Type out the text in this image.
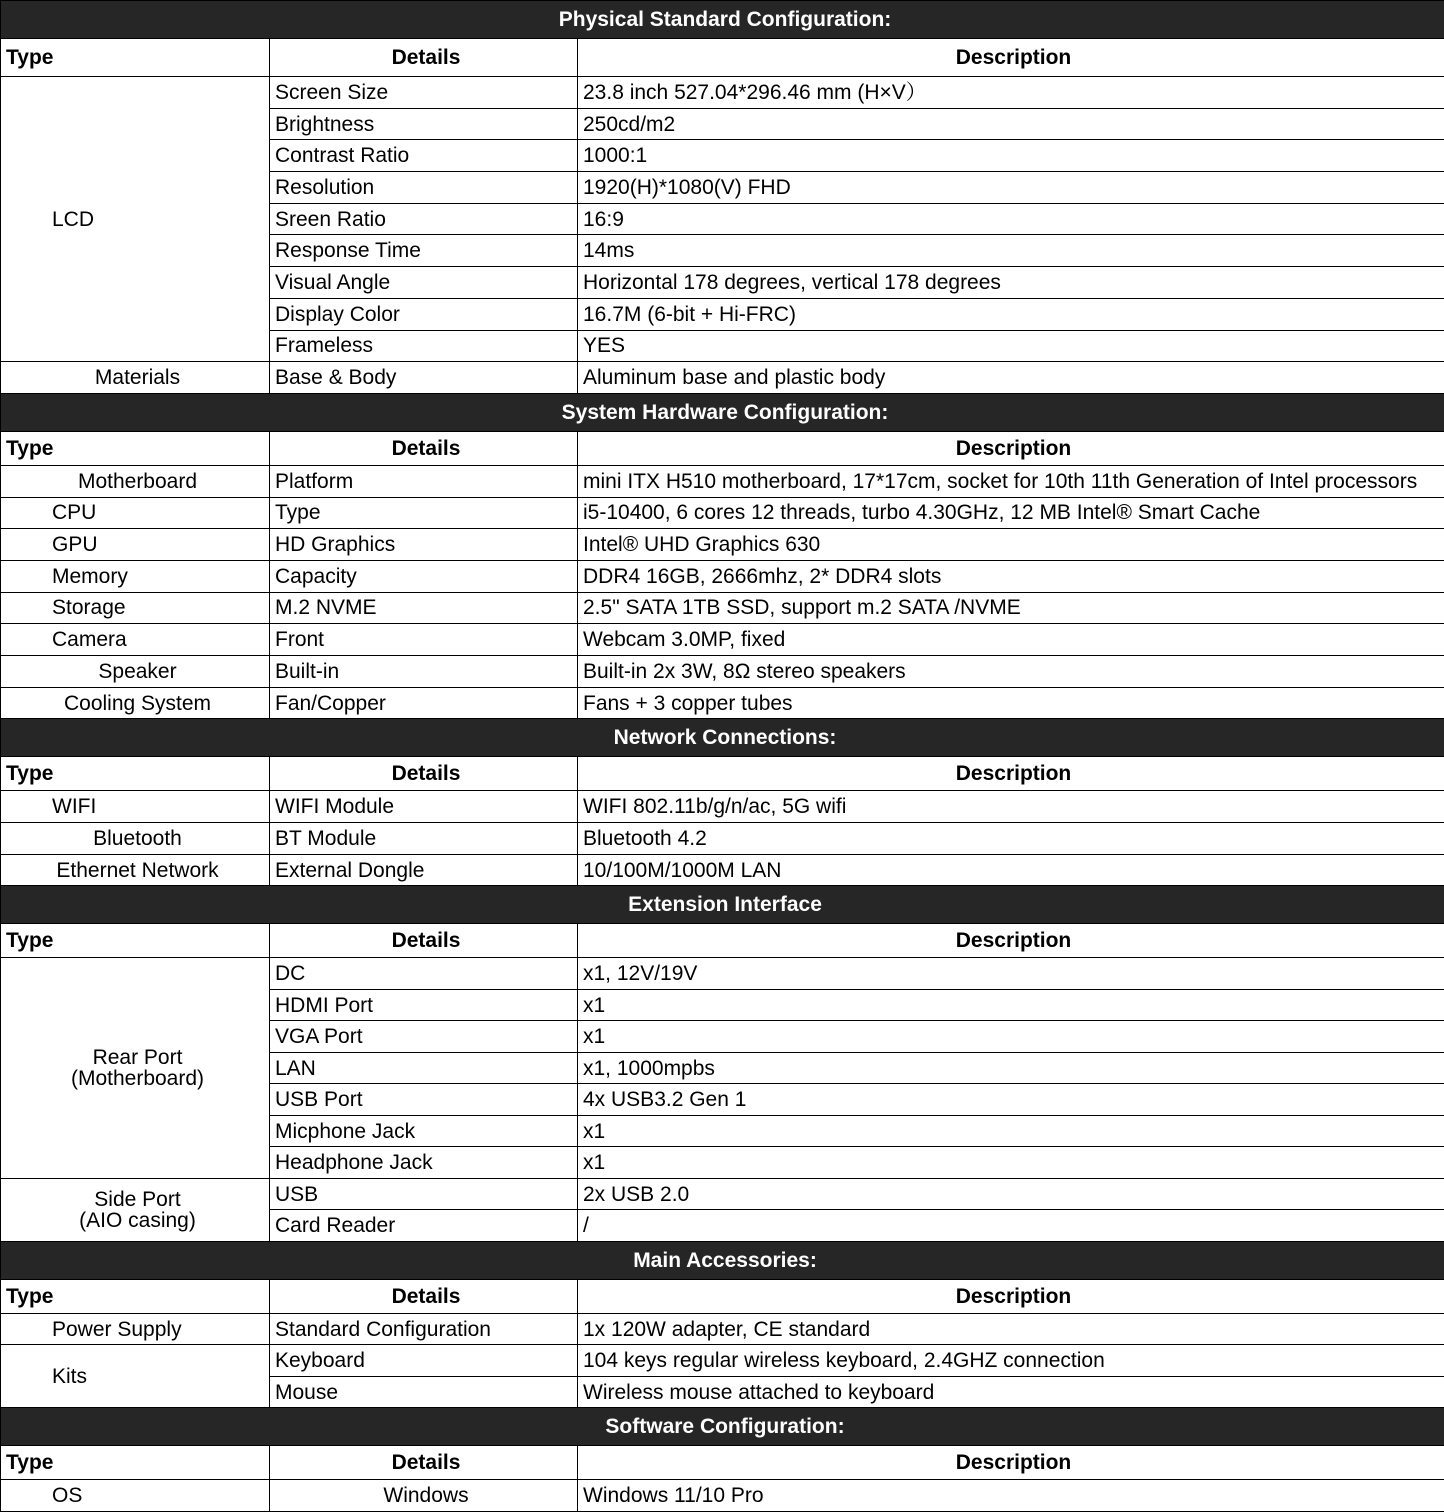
Physical Standard Configuration:		
Type	Details	Description
LCD	Screen Size	23.8 inch 527.04*296.46 mm (H×V）
	Brightness	250cd/m2
	Contrast Ratio	1000:1
	Resolution	1920(H)*1080(V) FHD
	Sreen Ratio	16:9
	Response Time	14ms
	Visual Angle	Horizontal 178 degrees, vertical 178 degrees
	Display Color	16.7M (6-bit + Hi-FRC)
	Frameless	YES
Materials	Base & Body	Aluminum base and plastic body
System Hardware Configuration:		
Type	Details	Description
Motherboard	Platform	mini ITX H510 motherboard, 17*17cm, socket for 10th 11th Generation of Intel processors
CPU	Type	i5-10400, 6 cores 12 threads, turbo 4.30GHz, 12 MB Intel® Smart Cache
GPU	HD Graphics	Intel® UHD Graphics 630
Memory	Capacity	DDR4 16GB, 2666mhz, 2* DDR4 slots
Storage	M.2 NVME	2.5" SATA 1TB SSD, support m.2 SATA /NVME
Camera	Front	Webcam 3.0MP, fixed
Speaker	Built-in	Built-in 2x 3W, 8Ω stereo speakers
Cooling System	Fan/Copper	Fans + 3 copper tubes
Network Connections:		
Type	Details	Description
WIFI	WIFI Module	WIFI 802.11b/g/n/ac, 5G wifi
Bluetooth	BT Module	Bluetooth 4.2
Ethernet Network	External Dongle	10/100M/1000M LAN
Extension Interface		
Type	Details	Description
Rear Port
(Motherboard)	DC	x1, 12V/19V
	HDMI Port	x1
	VGA Port	x1
	LAN	x1, 1000mpbs
	USB Port	4x USB3.2 Gen 1
	Micphone Jack	x1
	Headphone Jack	x1
Side Port
(AIO casing)	USB	2x USB 2.0
	Card Reader	/
Main Accessories:		
Type	Details	Description
Power Supply	Standard Configuration	1x 120W adapter, CE standard
Kits	Keyboard	104 keys regular wireless keyboard, 2.4GHZ connection
	Mouse	Wireless mouse attached to keyboard
Software Configuration:		
Type	Details	Description
OS	Windows	Windows 11/10 Pro
